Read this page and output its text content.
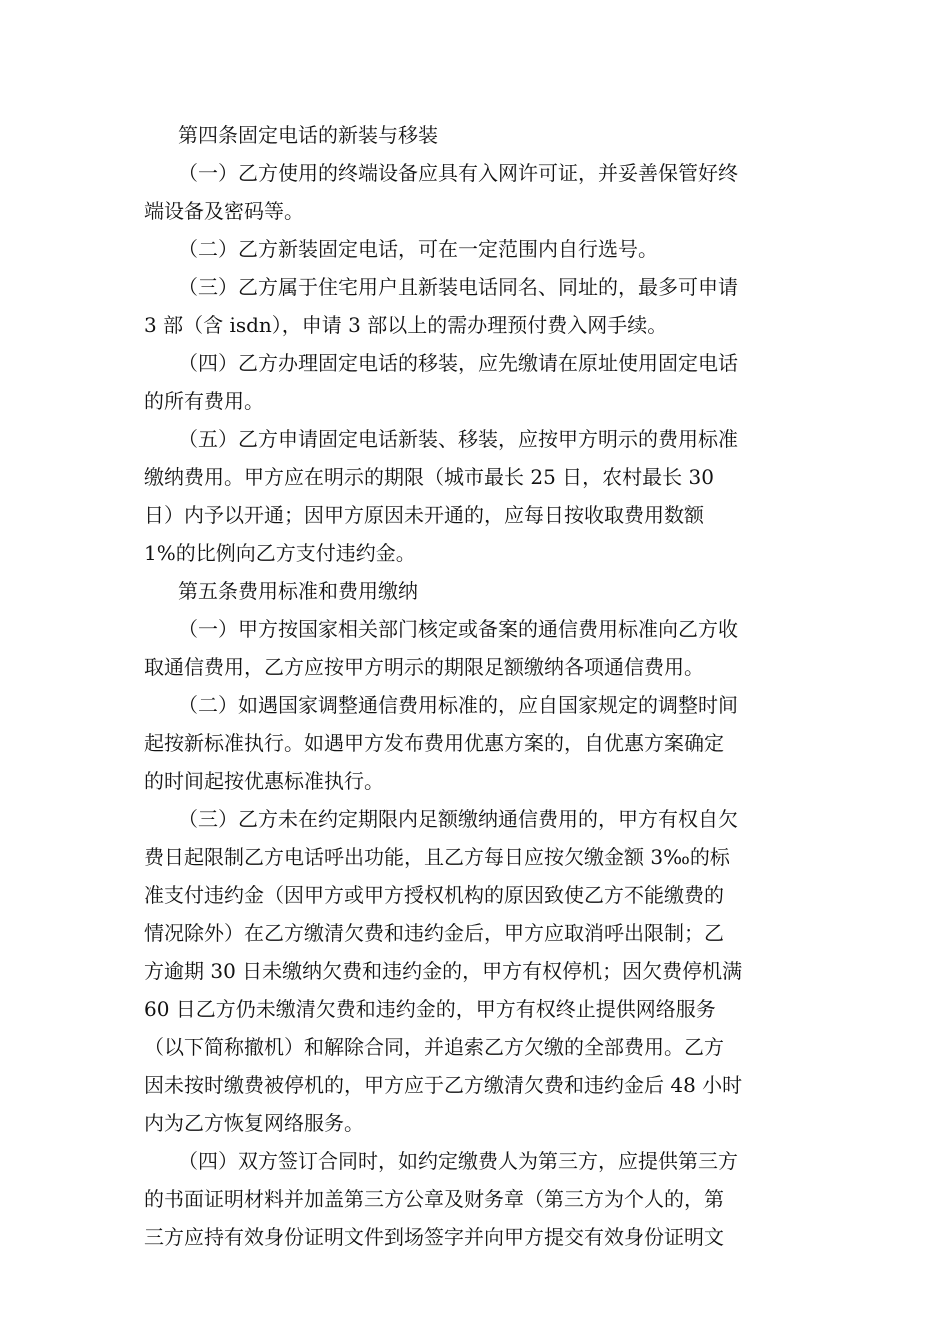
第四条固定电话的新装与移装
（一）乙方使用的终端设备应具有入网许可证，并妥善保管好终
端设备及密码等。
（二）乙方新装固定电话，可在一定范围内自行选号。
（三）乙方属于住宅用户且新装电话同名、同址的，最多可申请
3 部（含 isdn），申请 3 部以上的需办理预付费入网手续。
（四）乙方办理固定电话的移装，应先缴请在原址使用固定电话
的所有费用。
（五）乙方申请固定电话新装、移装，应按甲方明示的费用标准
缴纳费用。甲方应在明示的期限（城市最长 25 日，农村最长 30
日）内予以开通；因甲方原因未开通的，应每日按收取费用数额
1%的比例向乙方支付违约金。
第五条费用标准和费用缴纳
（一）甲方按国家相关部门核定或备案的通信费用标准向乙方收
取通信费用，乙方应按甲方明示的期限足额缴纳各项通信费用。
（二）如遇国家调整通信费用标准的，应自国家规定的调整时间
起按新标准执行。如遇甲方发布费用优惠方案的，自优惠方案确定
的时间起按优惠标准执行。
（三）乙方未在约定期限内足额缴纳通信费用的，甲方有权自欠
费日起限制乙方电话呼出功能，且乙方每日应按欠缴金额 3‰的标
准支付违约金（因甲方或甲方授权机构的原因致使乙方不能缴费的
情况除外）在乙方缴清欠费和违约金后，甲方应取消呼出限制；乙
方逾期 30 日未缴纳欠费和违约金的，甲方有权停机；因欠费停机满
60 日乙方仍未缴清欠费和违约金的，甲方有权终止提供网络服务
（以下简称撤机）和解除合同，并追索乙方欠缴的全部费用。乙方
因未按时缴费被停机的，甲方应于乙方缴清欠费和违约金后 48 小时
内为乙方恢复网络服务。
（四）双方签订合同时，如约定缴费人为第三方，应提供第三方
的书面证明材料并加盖第三方公章及财务章（第三方为个人的，第
三方应持有效身份证明文件到场签字并向甲方提交有效身份证明文
